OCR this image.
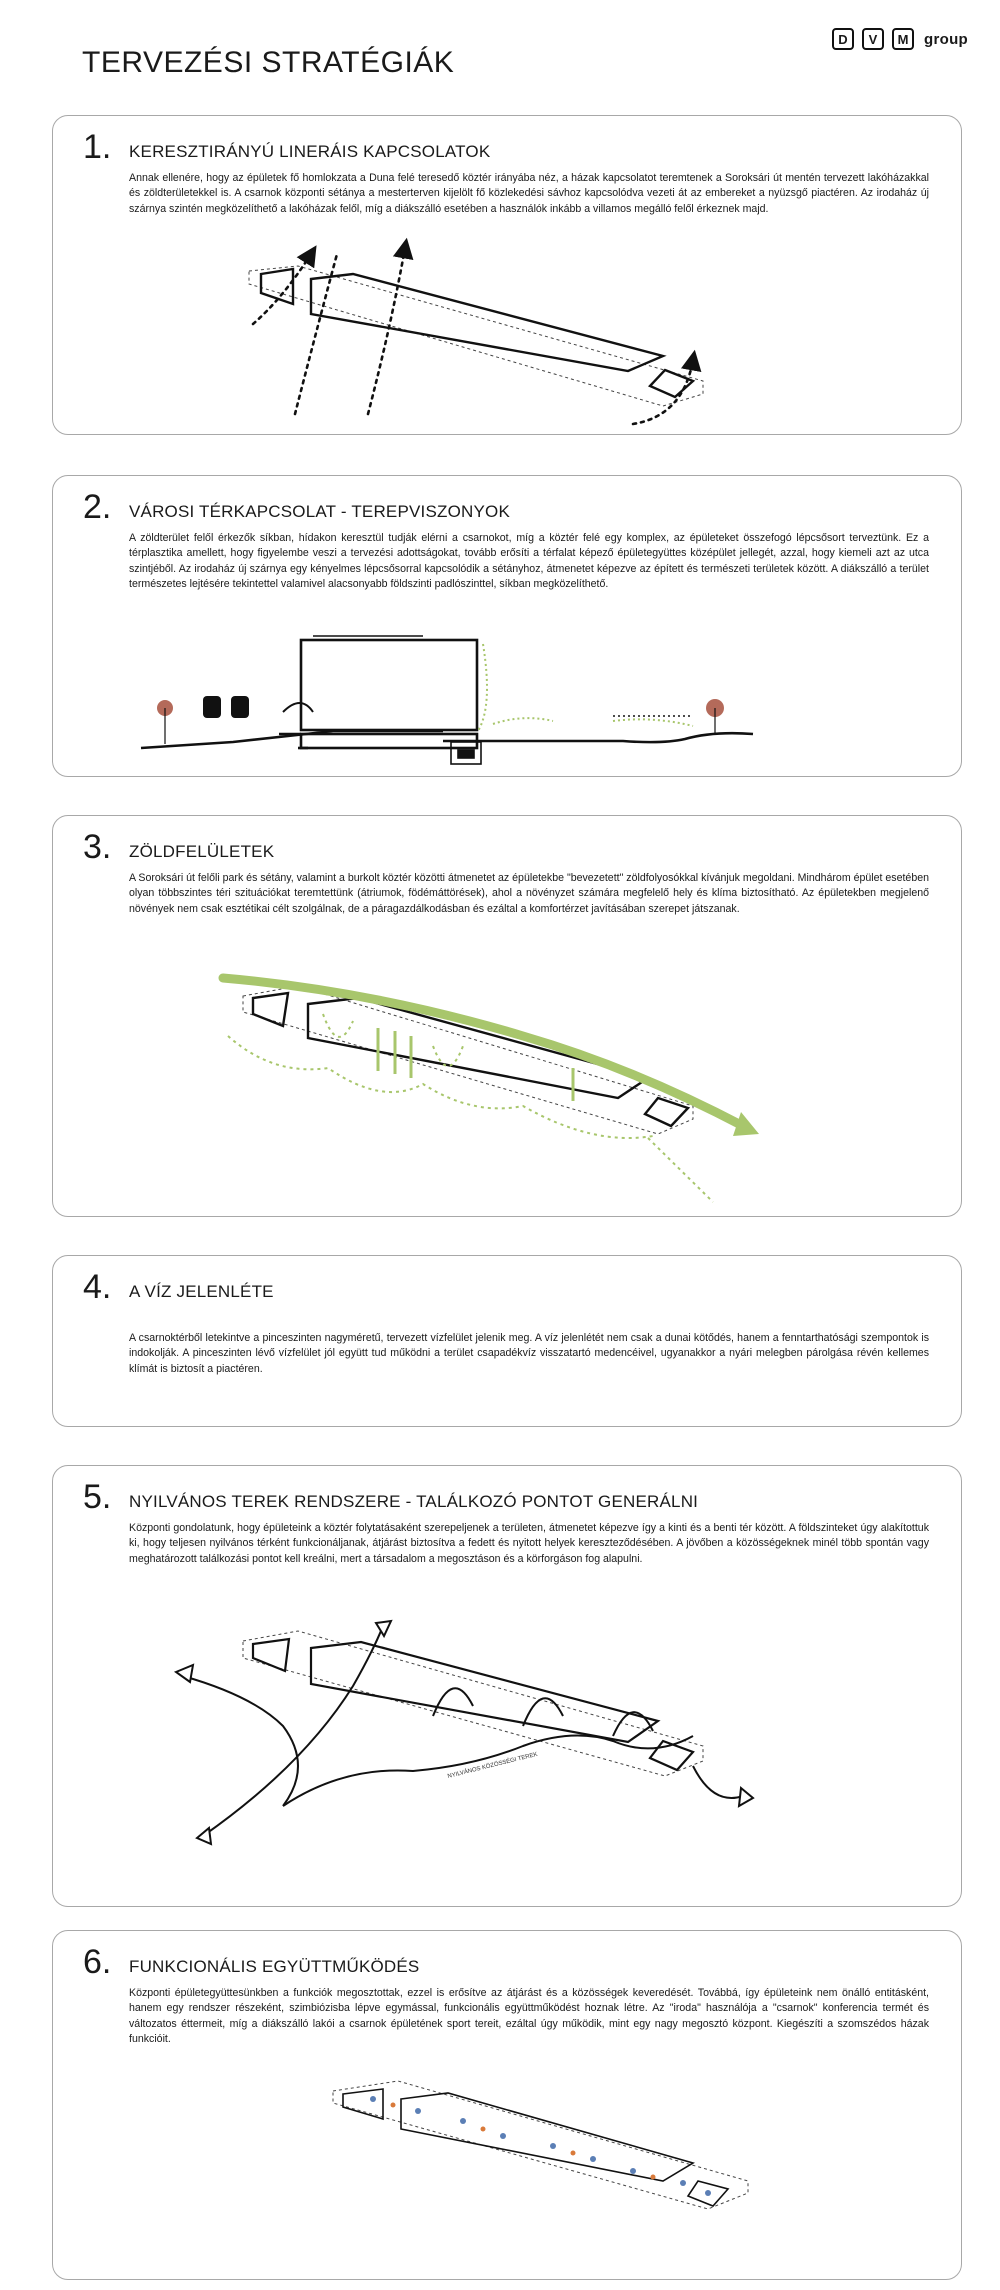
TERVEZÉSI STRATÉGIÁK
D	V	M	group
1. KERESZTIRÁNYÚ LINERÁIS KAPCSOLATOK

Annak ellenére, hogy az épületek fő homlokzata a Duna felé teresedő köztér irányába néz, a házak kapcsolatot teremtenek a Soroksári út mentén tervezett lakóházakkal és zöldterületekkel is. A csarnok központi sétánya a mesterterven kijelölt fő közlekedési sávhoz kapcsolódva vezeti át az embereket a nyüzsgő piactéren. Az irodaház új szárnya szintén megközelíthető a lakóházak felől, míg a diákszálló esetében a használók inkább a villamos megálló felől érkeznek majd.

2. VÁROSI TÉRKAPCSOLAT - TEREPVISZONYOK

A zöldterület felől érkezők síkban, hídakon keresztül tudják elérni a csarnokot, míg a köztér felé egy komplex, az épületeket összefogó lépcsősort terveztünk. Ez a térplasztika amellett, hogy figyelembe veszi a tervezési adottságokat, tovább erősíti a térfalat képező épületegyüttes középület jellegét, azzal, hogy kiemeli azt az utca szintjéből. Az irodaház új szárnya egy kényelmes lépcsősorral kapcsolódik a sétányhoz, átmenetet képezve az épített és természeti területek között. A diákszálló a terület természetes lejtésére tekintettel valamivel alacsonyabb földszinti padlószinttel, síkban megközelíthető.

3. ZÖLDFELÜLETEK

A Soroksári út felőli park és sétány, valamint a burkolt köztér közötti átmenetet az épületekbe "bevezetett" zöldfolyosókkal kívánjuk megoldani. Mindhárom épület esetében olyan többszintes téri szituációkat teremtettünk (átriumok, födémáttörések), ahol a növényzet számára megfelelő hely és klíma biztosítható. Az épületekben megjelenő növények nem csak esztétikai célt szolgálnak, de a páragazdálkodásban és ezáltal a komfortérzet javításában szerepet játszanak.

4. A VÍZ JELENLÉTE

A csarnoktérből letekintve a pinceszinten nagyméretű, tervezett vízfelület jelenik meg. A víz jelenlétét nem csak a dunai kötődés, hanem a fenntarthatósági szempontok is indokolják. A pinceszinten lévő vízfelület jól együtt tud működni a terület csapadékvíz visszatartó medencéivel, ugyanakkor a nyári melegben párolgása révén kellemes klímát is biztosít a piactéren.

5. NYILVÁNOS TEREK RENDSZERE - TALÁLKOZÓ PONTOT GENERÁLNI

Központi gondolatunk, hogy épületeink a köztér folytatásaként szerepeljenek a területen, átmenetet képezve így a kinti és a benti tér között. A földszinteket úgy alakítottuk ki, hogy teljesen nyilvános térként funkcionáljanak, átjárást biztosítva a fedett és nyitott helyek kereszteződésében. A jövőben a közösségeknek minél több spontán vagy meghatározott találkozási pontot kell kreálni, mert a társadalom a megosztáson és a körforgáson fog alapulni.

NYILVÁNOS KÖZÖSSÉGI TEREK
6. FUNKCIONÁLIS EGYÜTTMŰKÖDÉS

Központi épületegyüttesünkben a funkciók megosztottak, ezzel is erősítve az átjárást és a közösségek keveredését. Továbbá, így épületeink nem önálló entitásként, hanem egy rendszer részeként, szimbiózisba lépve egymással, funkcionális együttműködést hoznak létre. Az "iroda" használója a "csarnok" konferencia termét és változatos éttermeit, míg a diákszálló lakói a csarnok épületének sport tereit, ezáltal úgy működik, mint egy nagy megosztó központ. Kiegészíti a szomszédos házak funkcióit.
